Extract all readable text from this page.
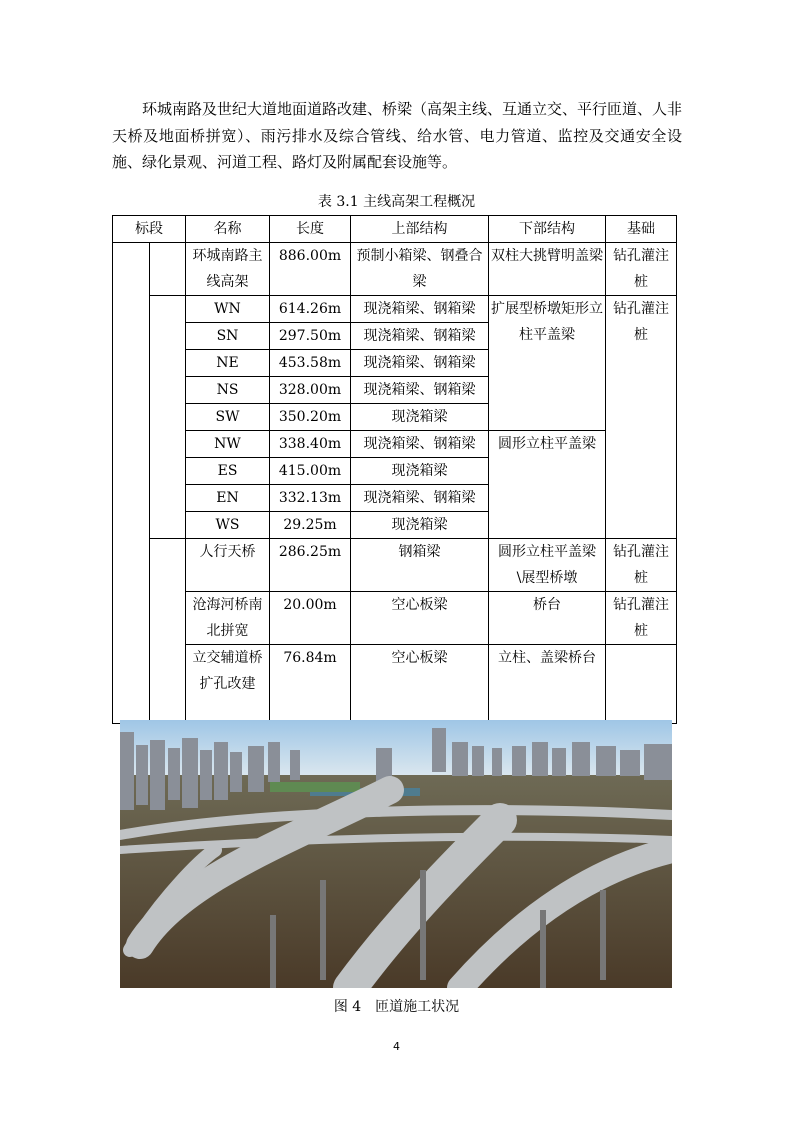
环城南路及世纪大道地面道路改建、桥梁（高架主线、互通立交、平行匝道、人非天桥及地面桥拼宽）、雨污排水及综合管线、给水管、电力管道、监控及交通安全设施、绿化景观、河道工程、路灯及附属配套设施等。

表 3.1 主线高架工程概况
标段		名称	长度	上部结构	下部结构	基础
		环城南路主线高架	886.00m	预制小箱梁、钢叠合梁	双柱大挑臂明盖梁	钻孔灌注桩
		WN	614.26m	现浇箱梁、钢箱梁	扩展型桥墩矩形立柱平盖梁	钻孔灌注桩
		SN	297.50m	现浇箱梁、钢箱梁		
		NE	453.58m	现浇箱梁、钢箱梁		
		NS	328.00m	现浇箱梁、钢箱梁		
		SW	350.20m	现浇箱梁		
		NW	338.40m	现浇箱梁、钢箱梁	圆形立柱平盖梁	
		ES	415.00m	现浇箱梁		
		EN	332.13m	现浇箱梁、钢箱梁		
		WS	29.25m	现浇箱梁		
		人行天桥	286.25m	钢箱梁	圆形立柱平盖梁\展型桥墩	钻孔灌注桩
		沧海河桥南北拼宽	20.00m	空心板梁	桥台	钻孔灌注桩
		立交辅道桥扩孔改建	76.84m	空心板梁	立柱、盖梁桥台	
图 4　匝道施工状况
4
